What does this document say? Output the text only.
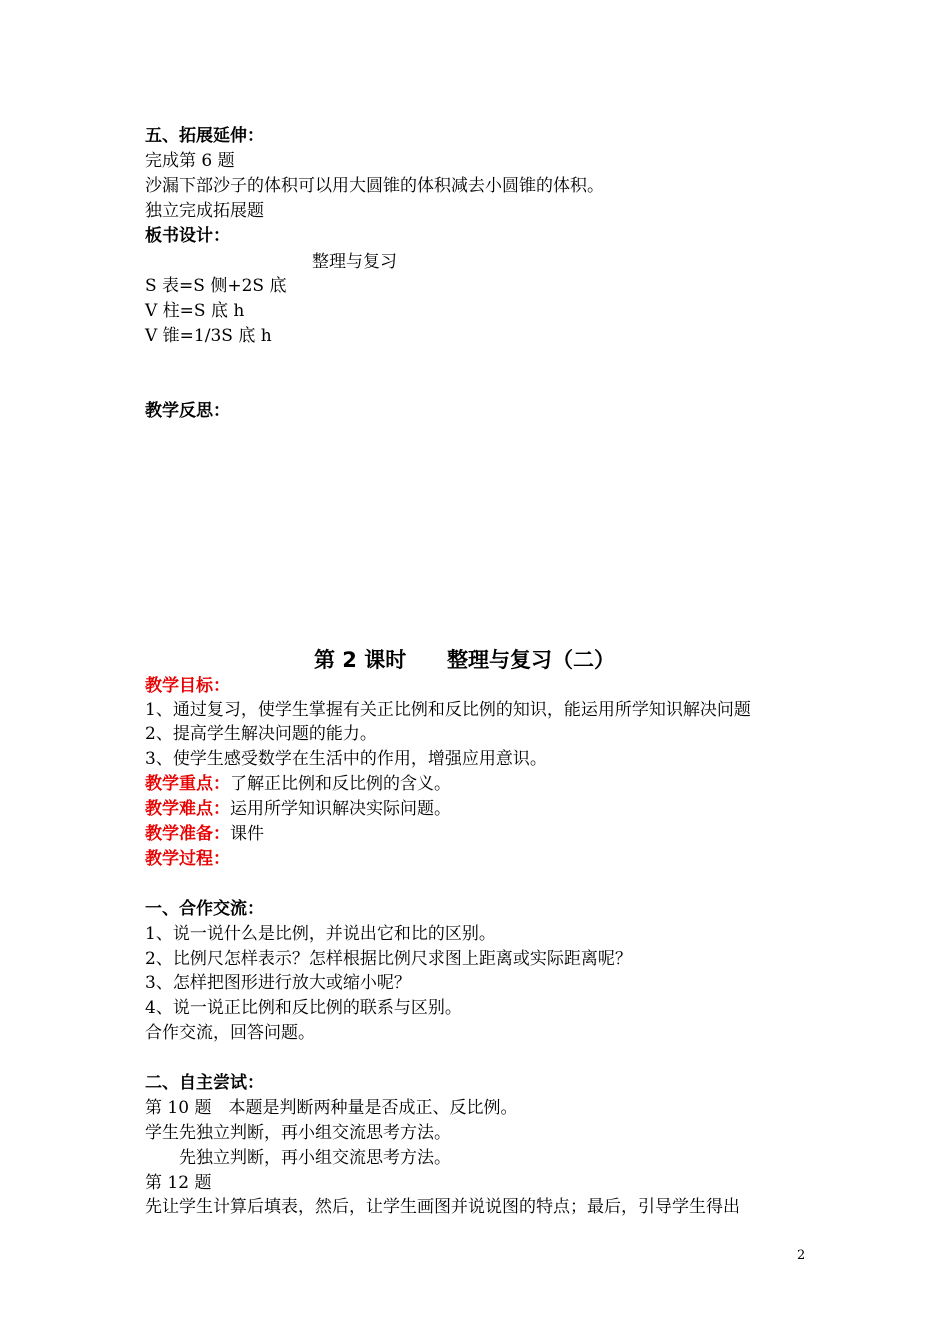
五、拓展延伸：
完成第 6 题
沙漏下部沙子的体积可以用大圆锥的体积减去小圆锥的体积。
独立完成拓展题
板书设计：
整理与复习
S 表=S 侧+2S 底
V 柱=S 底 h
V 锥=1/3S 底 h
教学反思：
第 2 课时 整理与复习（二）
教学目标：
1、通过复习，使学生掌握有关正比例和反比例的知识，能运用所学知识解决问题
2、提高学生解决问题的能力。
3、使学生感受数学在生活中的作用，增强应用意识。
教学重点：了解正比例和反比例的含义。
教学难点：运用所学知识解决实际问题。
教学准备：课件
教学过程：
一、合作交流：
1、说一说什么是比例，并说出它和比的区别。
2、比例尺怎样表示？怎样根据比例尺求图上距离或实际距离呢？
3、怎样把图形进行放大或缩小呢？
4、说一说正比例和反比例的联系与区别。
合作交流，回答问题。
二、自主尝试：
第 10 题　本题是判断两种量是否成正、反比例。
学生先独立判断，再小组交流思考方法。
　　先独立判断，再小组交流思考方法。
第 12 题
先让学生计算后填表，然后，让学生画图并说说图的特点；最后，引导学生得出
2
